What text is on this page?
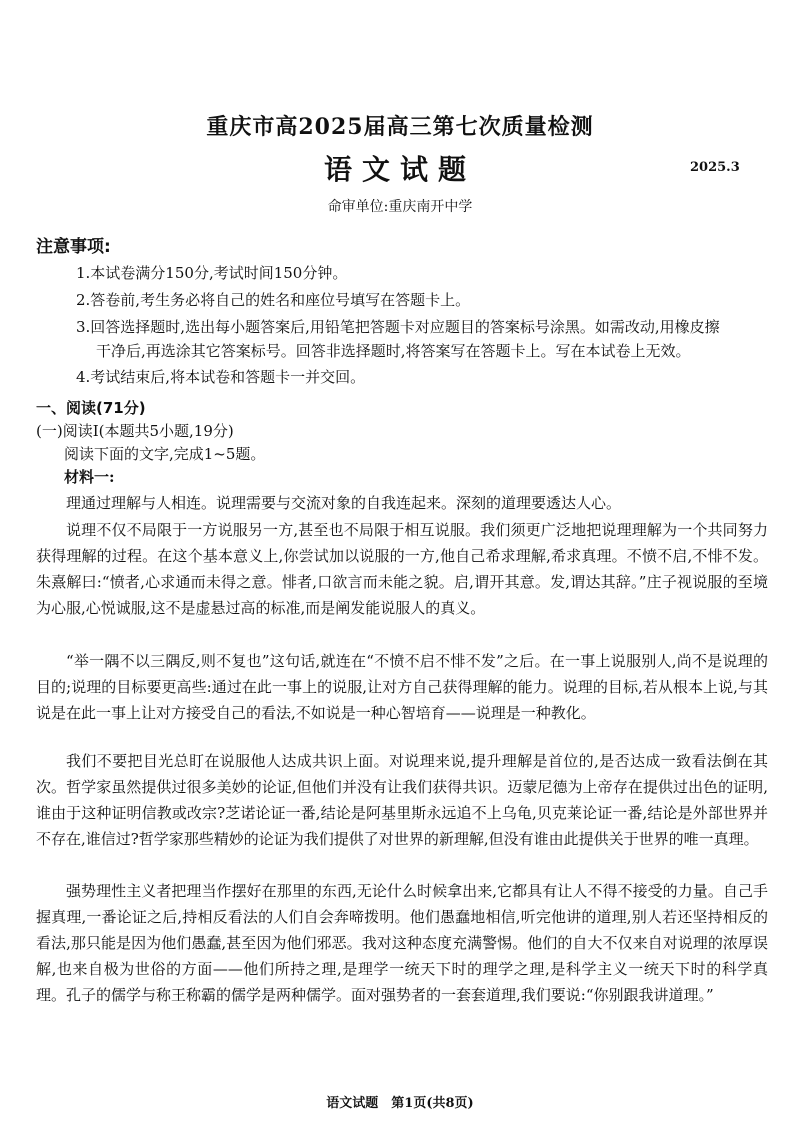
重庆市高2025届高三第七次质量检测
语文试题	2025.3
命审单位:重庆南开中学
注意事项:
1.本试卷满分150分,考试时间150分钟。
2.答卷前,考生务必将自己的姓名和座位号填写在答题卡上。
3.回答选择题时,选出每小题答案后,用铅笔把答题卡对应题目的答案标号涂黑。如需改动,用橡皮擦
干净后,再选涂其它答案标号。回答非选择题时,将答案写在答题卡上。写在本试卷上无效。
4.考试结束后,将本试卷和答题卡一并交回。
一、阅读(71分)
(一)阅读Ⅰ(本题共5小题,19分)
阅读下面的文字,完成1~5题。
材料一:
理通过理解与人相连。说理需要与交流对象的自我连起来。深刻的道理要透达人心。
说理不仅不局限于一方说服另一方,甚至也不局限于相互说服。我们须更广泛地把说理理解为一个共同努力获得理解的过程。在这个基本意义上,你尝试加以说服的一方,他自己希求理解,希求真理。不愤不启,不悱不发。朱熹解曰:“愤者,心求通而未得之意。悱者,口欲言而未能之貌。启,谓开其意。发,谓达其辞。”庄子视说服的至境为心服,心悦诚服,这不是虚悬过高的标准,而是阐发能说服人的真义。
“举一隅不以三隅反,则不复也”这句话,就连在“不愤不启不悱不发”之后。在一事上说服别人,尚不是说理的目的;说理的目标要更高些:通过在此一事上的说服,让对方自己获得理解的能力。说理的目标,若从根本上说,与其说是在此一事上让对方接受自己的看法,不如说是一种心智培育——说理是一种教化。
我们不要把目光总盯在说服他人达成共识上面。对说理来说,提升理解是首位的,是否达成一致看法倒在其次。哲学家虽然提供过很多美妙的论证,但他们并没有让我们获得共识。迈蒙尼德为上帝存在提供过出色的证明,谁由于这种证明信教或改宗?芝诺论证一番,结论是阿基里斯永远追不上乌龟,贝克莱论证一番,结论是外部世界并不存在,谁信过?哲学家那些精妙的论证为我们提供了对世界的新理解,但没有谁由此提供关于世界的唯一真理。
强势理性主义者把理当作摆好在那里的东西,无论什么时候拿出来,它都具有让人不得不接受的力量。自己手握真理,一番论证之后,持相反看法的人们自会奔啼拨明。他们愚蠢地相信,听完他讲的道理,别人若还坚持相反的看法,那只能是因为他们愚蠢,甚至因为他们邪恶。我对这种态度充满警惕。他们的自大不仅来自对说理的浓厚误解,也来自极为世俗的方面——他们所持之理,是理学一统天下时的理学之理,是科学主义一统天下时的科学真理。孔子的儒学与称王称霸的儒学是两种儒学。面对强势者的一套套道理,我们要说:“你别跟我讲道理。”
语文试题　第1页(共8页)
